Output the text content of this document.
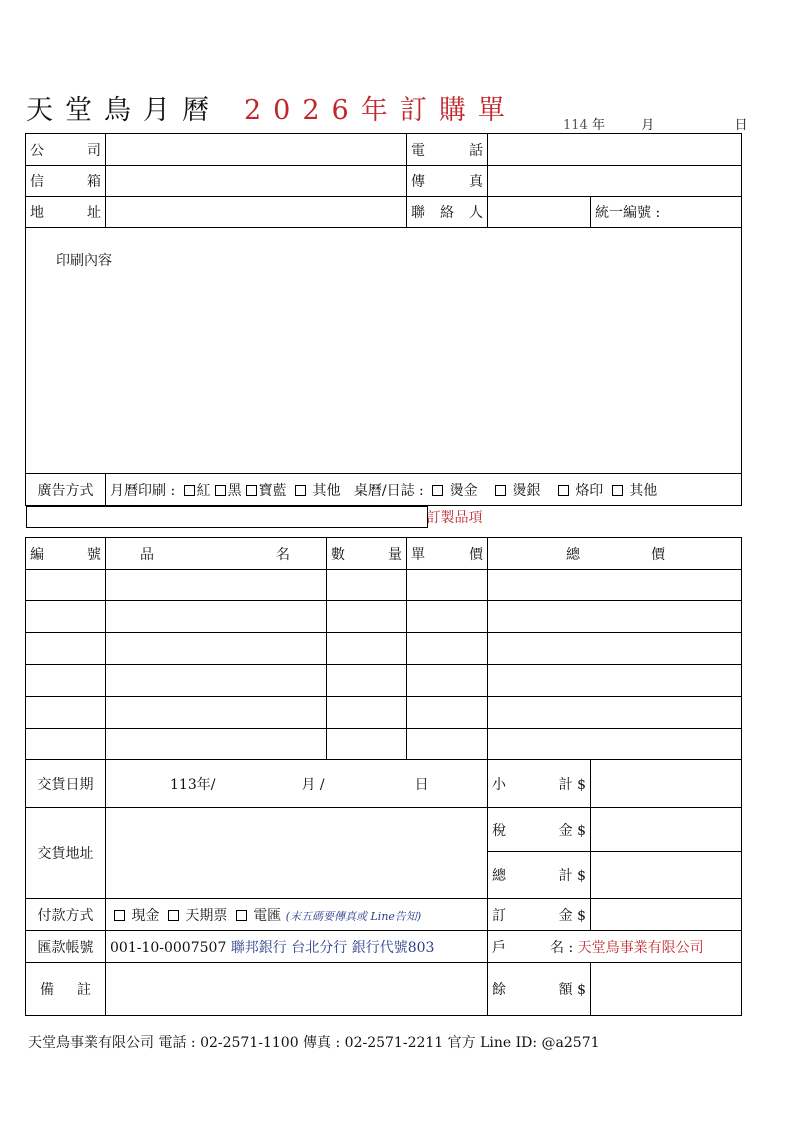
天堂鳥月曆 2026年訂購單	114 年	月	日
公 司			電 話		

信 箱			傳 真		

地 址			聯 絡 人		統一編號 :
印刷內容					
廣告方式	月曆印刷 : 紅 黑 寶藍 其他 桌曆/日誌 : 燙金 燙銀 烙印 其他				

訂 製 品 項

編 號	品 名	數 量	單 價	總 價	

交貨日期	113年/ 月 / 日			小 計 $	

交貨地址				稅 金 $	

				總 計 $	

付款方式	現金 天期票 電匯 (末五碼要傳真或 Line告知)			訂 金 $	

匯款帳號	001-10-0007507 聯邦銀行 台北分行 銀行代號803			戶 名 : 天堂鳥事業有限公司	

備 註				餘 額 $	

天堂鳥事業有限公司 電話 : 02-2571-1100 傳真 : 02-2571-2211 官方 Line ID: @a2571
